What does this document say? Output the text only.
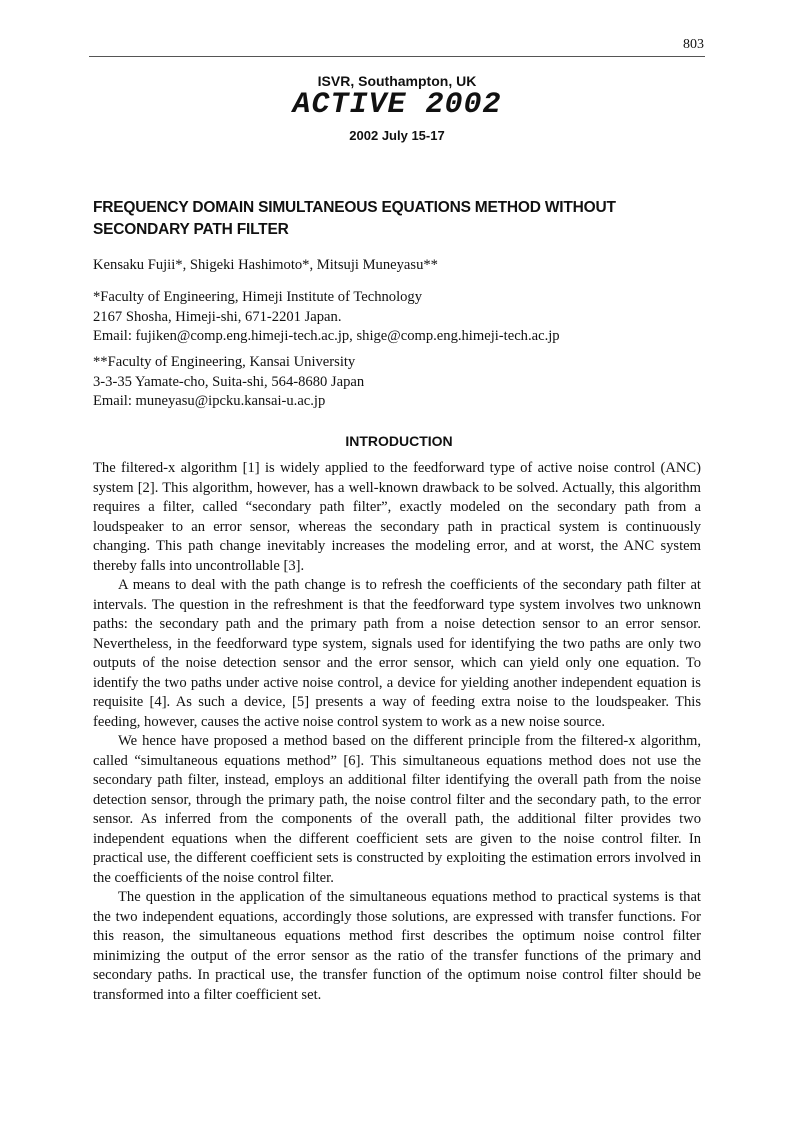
803
ISVR, Southampton, UK
ACTIVE 2002
2002 July 15-17
FREQUENCY DOMAIN SIMULTANEOUS EQUATIONS METHOD WITHOUT SECONDARY PATH FILTER
Kensaku Fujii*, Shigeki Hashimoto*, Mitsuji Muneyasu**
*Faculty of Engineering, Himeji Institute of Technology
2167 Shosha, Himeji-shi, 671-2201 Japan.
Email: fujiken@comp.eng.himeji-tech.ac.jp, shige@comp.eng.himeji-tech.ac.jp
**Faculty of Engineering, Kansai University
3-3-35 Yamate-cho, Suita-shi, 564-8680 Japan
Email: muneyasu@ipcku.kansai-u.ac.jp
INTRODUCTION

The filtered-x algorithm [1] is widely applied to the feedforward type of active noise control (ANC) system [2]. This algorithm, however, has a well-known drawback to be solved. Actually, this algorithm requires a filter, called “secondary path filter”, exactly modeled on the secondary path from a loudspeaker to an error sensor, whereas the secondary path in practical system is continuously changing. This path change inevitably increases the modeling error, and at worst, the ANC system thereby falls into uncontrollable [3].

A means to deal with the path change is to refresh the coefficients of the secondary path filter at intervals. The question in the refreshment is that the feedforward type system involves two unknown paths: the secondary path and the primary path from a noise detection sensor to an error sensor. Nevertheless, in the feedforward type system, signals used for identifying the two paths are only two outputs of the noise detection sensor and the error sensor, which can yield only one equation. To identify the two paths under active noise control, a device for yielding another independent equation is requisite [4]. As such a device, [5] presents a way of feeding extra noise to the loudspeaker. This feeding, however, causes the active noise control system to work as a new noise source.

We hence have proposed a method based on the different principle from the filtered-x algorithm, called “simultaneous equations method” [6]. This simultaneous equations method does not use the secondary path filter, instead, employs an additional filter identifying the overall path from the noise detection sensor, through the primary path, the noise control filter and the secondary path, to the error sensor. As inferred from the components of the overall path, the additional filter provides two independent equations when the different coefficient sets are given to the noise control filter. In practical use, the different coefficient sets is constructed by exploiting the estimation errors involved in the coefficients of the noise control filter.

The question in the application of the simultaneous equations method to practical systems is that the two independent equations, accordingly those solutions, are expressed with transfer functions. For this reason, the simultaneous equations method first describes the optimum noise control filter minimizing the output of the error sensor as the ratio of the transfer functions of the primary and secondary paths. In practical use, the transfer function of the optimum noise control filter should be transformed into a filter coefficient set.
